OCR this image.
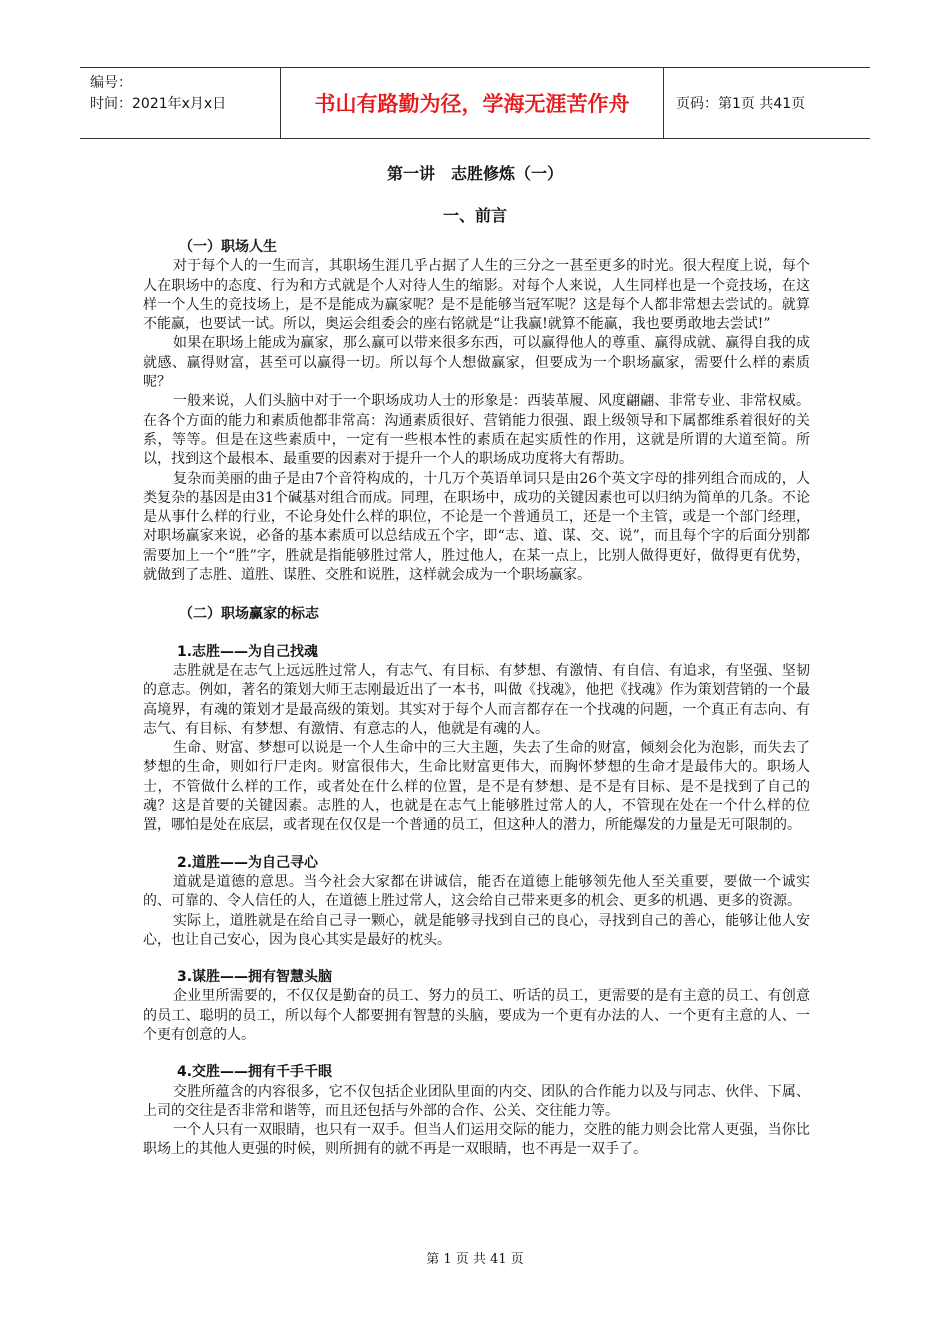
编号：
时间：2021年x月x日	书山有路勤为径，学海无涯苦作舟	页码：第1页 共41页
第一讲 志胜修炼（一）
一、前言
（一）职场人生
对于每个人的一生而言，其职场生涯几乎占据了人生的三分之一甚至更多的时光。很大程度上说，每个人在职场中的态度、行为和方式就是个人对待人生的缩影。对每个人来说，人生同样也是一个竞技场，在这样一个人生的竞技场上，是不是能成为赢家呢？是不是能够当冠军呢？这是每个人都非常想去尝试的。就算不能赢，也要试一试。所以，奥运会组委会的座右铭就是“让我赢!就算不能赢，我也要勇敢地去尝试!”
如果在职场上能成为赢家，那么赢可以带来很多东西，可以赢得他人的尊重、赢得成就、赢得自我的成就感、赢得财富，甚至可以赢得一切。所以每个人想做赢家，但要成为一个职场赢家，需要什么样的素质呢？
一般来说，人们头脑中对于一个职场成功人士的形象是：西装革履、风度翩翩、非常专业、非常权威。在各个方面的能力和素质他都非常高：沟通素质很好、营销能力很强、跟上级领导和下属都维系着很好的关系，等等。但是在这些素质中，一定有一些根本性的素质在起实质性的作用，这就是所谓的大道至简。所以，找到这个最根本、最重要的因素对于提升一个人的职场成功度将大有帮助。
复杂而美丽的曲子是由7个音符构成的，十几万个英语单词只是由26个英文字母的排列组合而成的，人类复杂的基因是由31个碱基对组合而成。同理，在职场中，成功的关键因素也可以归纳为简单的几条。不论是从事什么样的行业，不论身处什么样的职位，不论是一个普通员工，还是一个主管，或是一个部门经理，对职场赢家来说，必备的基本素质可以总结成五个字，即“志、道、谋、交、说”，而且每个字的后面分别都需要加上一个“胜”字，胜就是指能够胜过常人，胜过他人，在某一点上，比别人做得更好，做得更有优势，就做到了志胜、道胜、谋胜、交胜和说胜，这样就会成为一个职场赢家。
（二）职场赢家的标志
1.志胜——为自己找魂
志胜就是在志气上远远胜过常人，有志气、有目标、有梦想、有激情、有自信、有追求，有坚强、坚韧的意志。例如，著名的策划大师王志刚最近出了一本书，叫做《找魂》，他把《找魂》作为策划营销的一个最高境界，有魂的策划才是最高级的策划。其实对于每个人而言都存在一个找魂的问题，一个真正有志向、有志气、有目标、有梦想、有激情、有意志的人，他就是有魂的人。
生命、财富、梦想可以说是一个人生命中的三大主题，失去了生命的财富，倾刻会化为泡影，而失去了梦想的生命，则如行尸走肉。财富很伟大，生命比财富更伟大，而胸怀梦想的生命才是最伟大的。职场人士，不管做什么样的工作，或者处在什么样的位置，是不是有梦想、是不是有目标、是不是找到了自己的魂？这是首要的关键因素。志胜的人，也就是在志气上能够胜过常人的人，不管现在处在一个什么样的位置，哪怕是处在底层，或者现在仅仅是一个普通的员工，但这种人的潜力，所能爆发的力量是无可限制的。
2.道胜——为自己寻心
道就是道德的意思。当今社会大家都在讲诚信，能否在道德上能够领先他人至关重要，要做一个诚实的、可靠的、令人信任的人，在道德上胜过常人，这会给自己带来更多的机会、更多的机遇、更多的资源。
实际上，道胜就是在给自己寻一颗心，就是能够寻找到自己的良心，寻找到自己的善心，能够让他人安心，也让自己安心，因为良心其实是最好的枕头。
3.谋胜——拥有智慧头脑
企业里所需要的，不仅仅是勤奋的员工、努力的员工、听话的员工，更需要的是有主意的员工、有创意的员工、聪明的员工，所以每个人都要拥有智慧的头脑，要成为一个更有办法的人、一个更有主意的人、一个更有创意的人。
4.交胜——拥有千手千眼
交胜所蕴含的内容很多，它不仅包括企业团队里面的内交、团队的合作能力以及与同志、伙伴、下属、上司的交往是否非常和谐等，而且还包括与外部的合作、公关、交往能力等。
一个人只有一双眼睛，也只有一双手。但当人们运用交际的能力，交胜的能力则会比常人更强，当你比职场上的其他人更强的时候，则所拥有的就不再是一双眼睛，也不再是一双手了。
第 1 页 共 41 页
